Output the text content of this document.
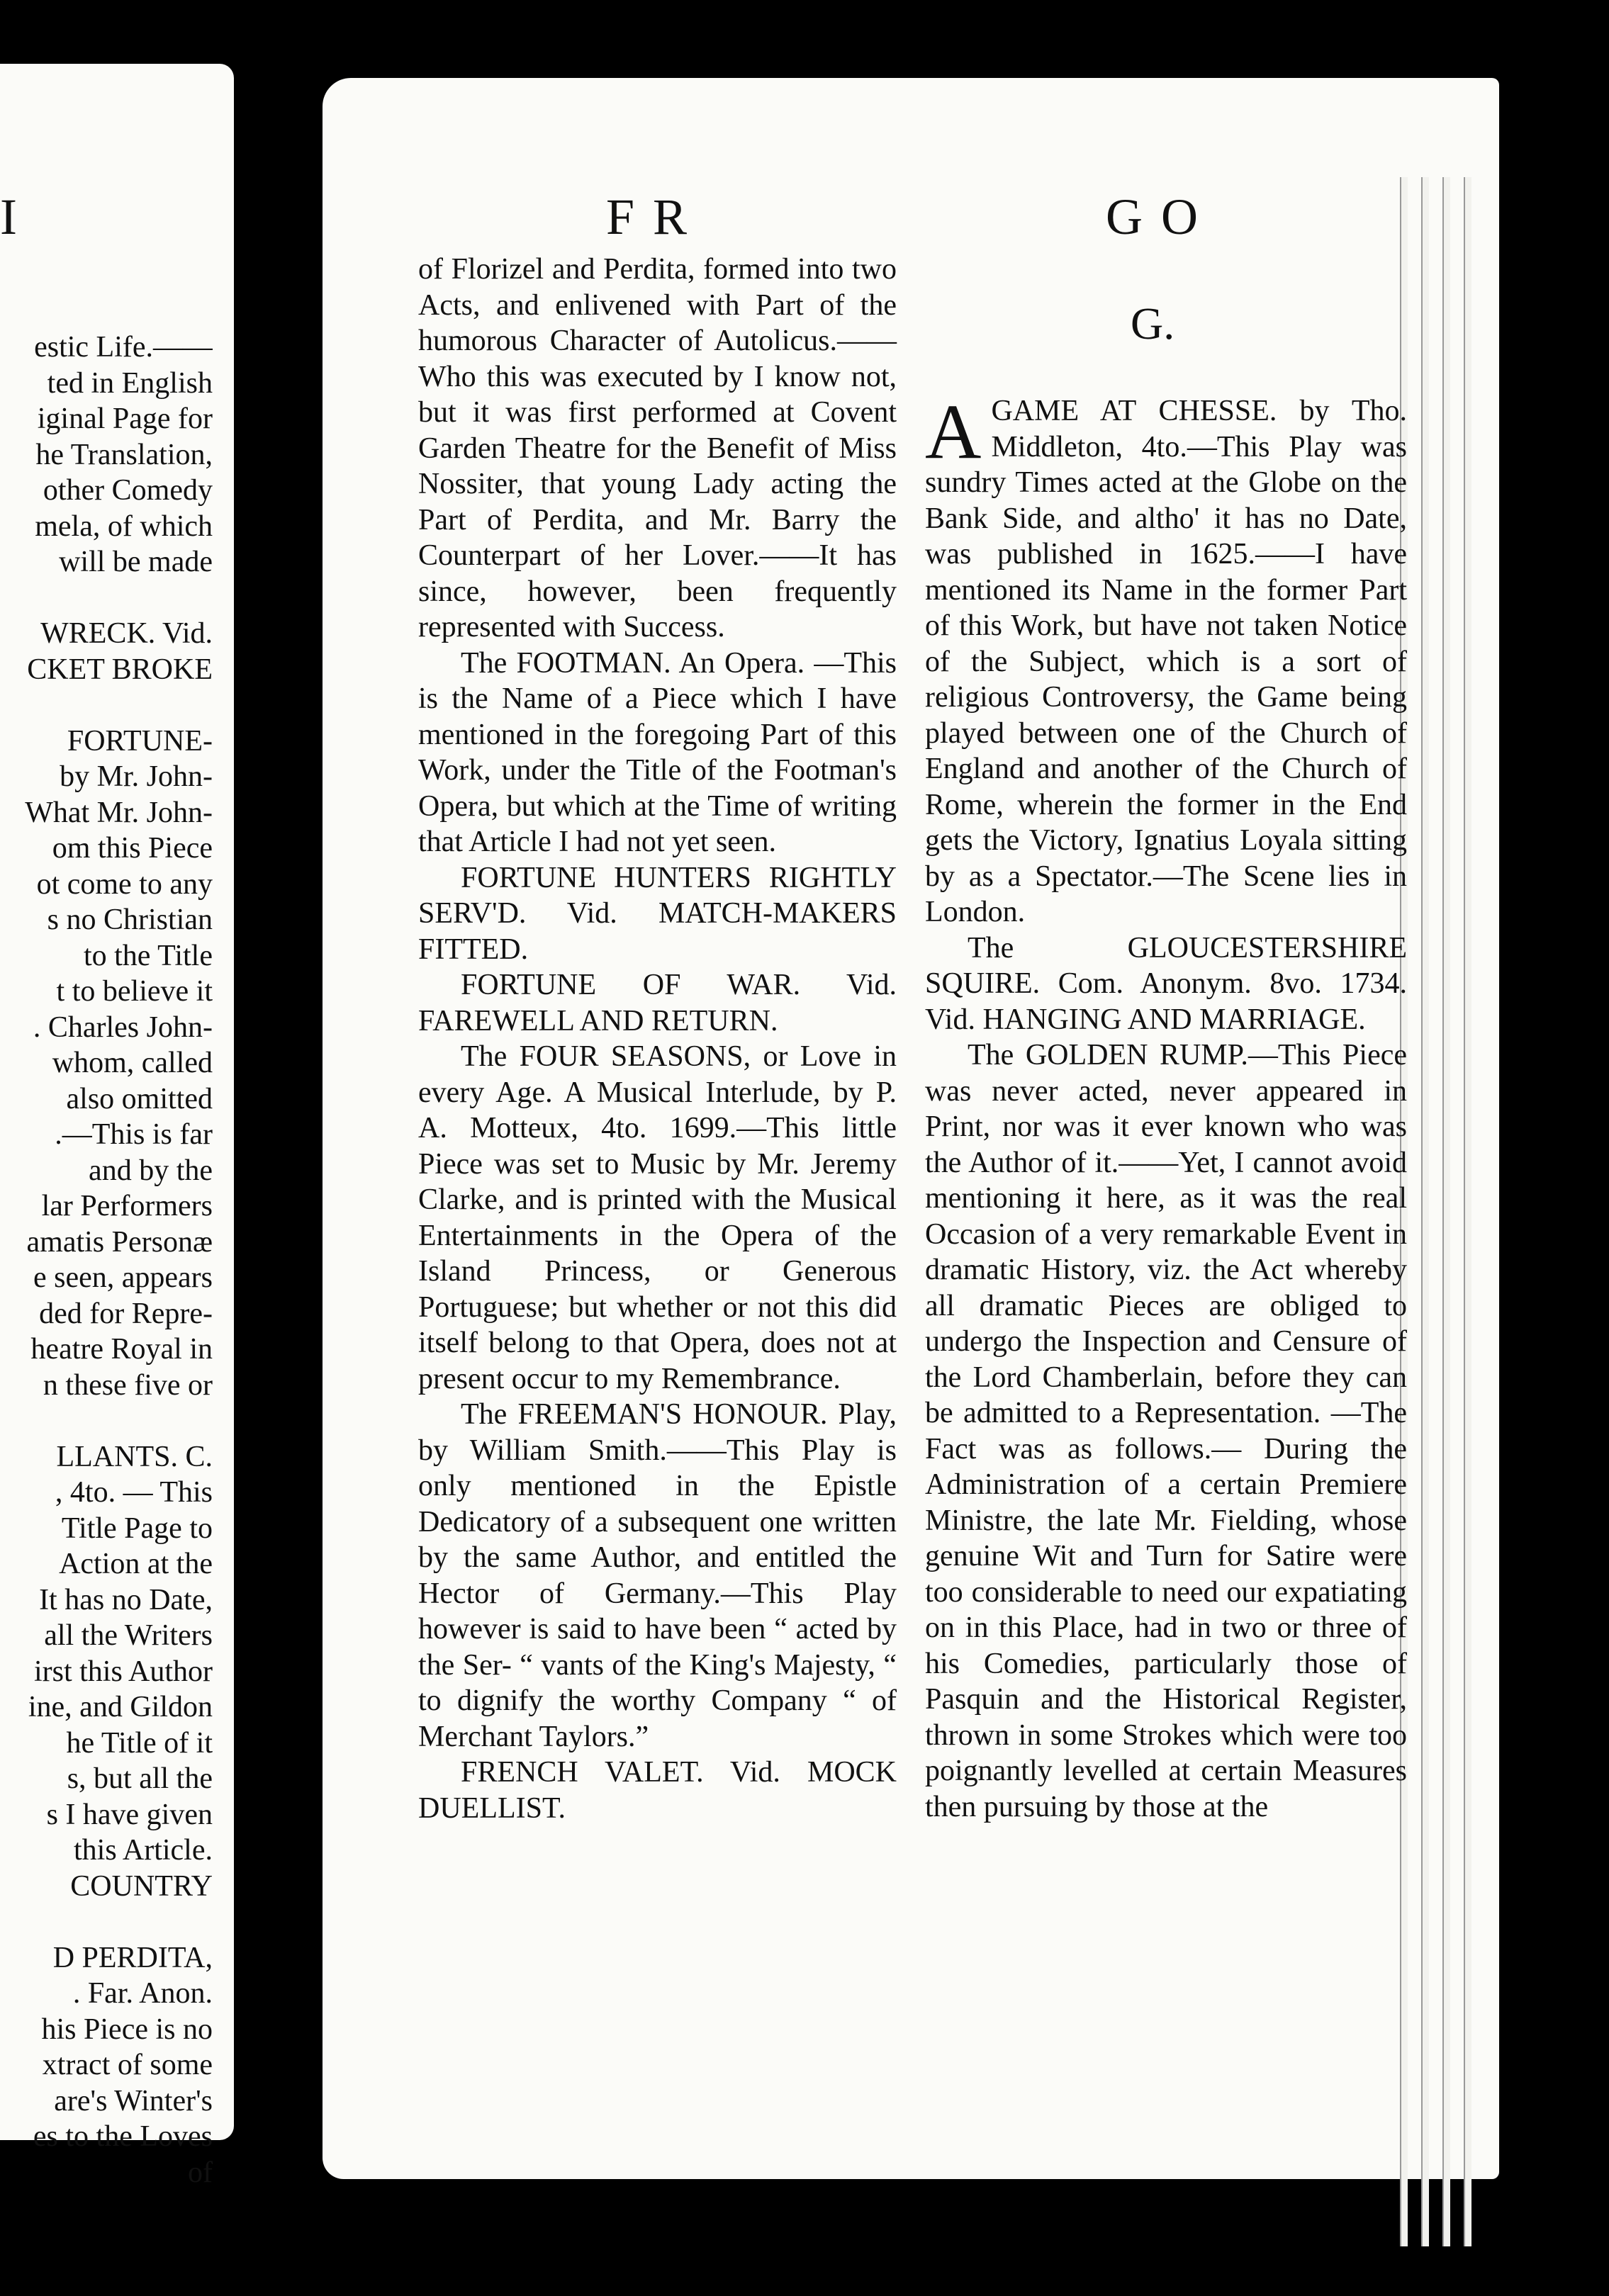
estic Life.——

ted in English

iginal Page for

he Translation,

other Comedy

mela, of which

will be made

WRECK. Vid.

CKET BROKE

FORTUNE-

by Mr. John-

What Mr. John-

om this Piece

ot come to any

s no Christian

to the Title

t to believe it

. Charles John-

whom, called

also omitted

.—This is far

and by the

lar Performers

amatis Personæ

e seen, appears

ded for Repre-

heatre Royal in

n these five or

LLANTS. C.

, 4to. — This

Title Page to

Action at the

It has no Date,

all the Writers

irst this Author

ine, and Gildon

he Title of it

s, but all the

s I have given

this Article.

COUNTRY

D PERDITA,

. Far. Anon.

his Piece is no

xtract of some

are's Winter's

es to the Loves

of

I	FR	GO
G.

of Florizel and Perdita, formed into two Acts, and enlivened with Part of the humorous Character of Autolicus.——Who this was executed by I know not, but it was first performed at Covent Garden Theatre for the Benefit of Miss Nossiter, that young Lady acting the Part of Perdita, and Mr. Barry the Counterpart of her Lover.——It has since, however, been frequently represented with Success.

The FOOTMAN. An Opera. —This is the Name of a Piece which I have mentioned in the foregoing Part of this Work, under the Title of the Footman's Opera, but which at the Time of writing that Article I had not yet seen.

FORTUNE HUNTERS RIGHTLY SERV'D. Vid. MATCH-MAKERS FITTED.

FORTUNE OF WAR. Vid. FAREWELL AND RETURN.

The FOUR SEASONS, or Love in every Age. A Musical Interlude, by P. A. Motteux, 4to. 1699.—This little Piece was set to Music by Mr. Jeremy Clarke, and is printed with the Musical Entertainments in the Opera of the Island Princess, or Generous Portuguese; but whether or not this did itself belong to that Opera, does not at present occur to my Remembrance.

The FREEMAN'S HONOUR. Play, by William Smith.——This Play is only mentioned in the Epistle Dedicatory of a subsequent one written by the same Author, and entitled the Hector of Germany.—This Play however is said to have been “ acted by the Ser- “ vants of the King's Majesty, “ to dignify the worthy Company “ of Merchant Taylors.”

FRENCH VALET. Vid. MOCK DUELLIST.

A GAME AT CHESSE. by Tho. Middleton, 4to.—This Play was sundry Times acted at the Globe on the Bank Side, and altho' it has no Date, was published in 1625.——I have mentioned its Name in the former Part of this Work, but have not taken Notice of the Subject, which is a sort of religious Controversy, the Game being played between one of the Church of England and another of the Church of Rome, wherein the former in the End gets the Victory, Ignatius Loyala sitting by as a Spectator.—The Scene lies in London.

The GLOUCESTERSHIRE SQUIRE. Com. Anonym. 8vo. 1734. Vid. HANGING AND MARRIAGE.

The GOLDEN RUMP.—This Piece was never acted, never appeared in Print, nor was it ever known who was the Author of it.——Yet, I cannot avoid mentioning it here, as it was the real Occasion of a very remarkable Event in dramatic History, viz. the Act whereby all dramatic Pieces are obliged to undergo the Inspection and Censure of the Lord Chamberlain, before they can be admitted to a Representation. —The Fact was as follows.— During the Administration of a certain Premiere Ministre, the late Mr. Fielding, whose genuine Wit and Turn for Satire were too considerable to need our expatiating on in this Place, had in two or three of his Comedies, particularly those of Pasquin and the Historical Register, thrown in some Strokes which were too poignantly levelled at certain Measures then pursuing by those at the
